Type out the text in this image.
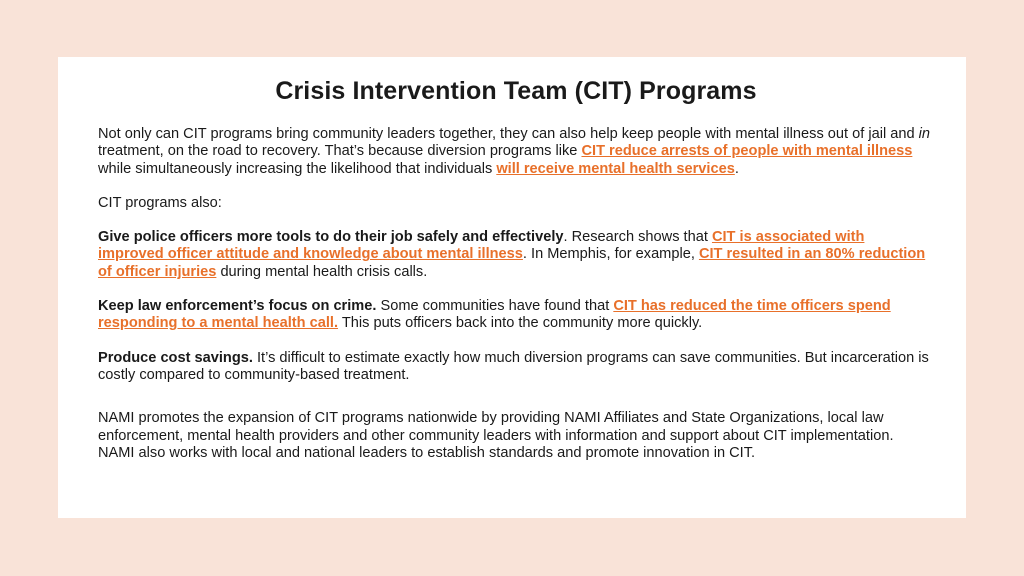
Crisis Intervention Team (CIT) Programs

Not only can CIT programs bring community leaders together, they can also help keep people with mental illness out of jail and in treatment, on the road to recovery. That’s because diversion programs like CIT reduce arrests of people with mental illness while simultaneously increasing the likelihood that individuals will receive mental health services.

CIT programs also:

Give police officers more tools to do their job safely and effectively. Research shows that CIT is associated with improved officer attitude and knowledge about mental illness. In Memphis, for example, CIT resulted in an 80% reduction of officer injuries during mental health crisis calls.

Keep law enforcement’s focus on crime. Some communities have found that CIT has reduced the time officers spend responding to a mental health call. This puts officers back into the community more quickly.

Produce cost savings. It’s difficult to estimate exactly how much diversion programs can save communities. But incarceration is costly compared to community-based treatment.

NAMI promotes the expansion of CIT programs nationwide by providing NAMI Affiliates and State Organizations, local law enforcement, mental health providers and other community leaders with information and support about CIT implementation. NAMI also works with local and national leaders to establish standards and promote innovation in CIT.
